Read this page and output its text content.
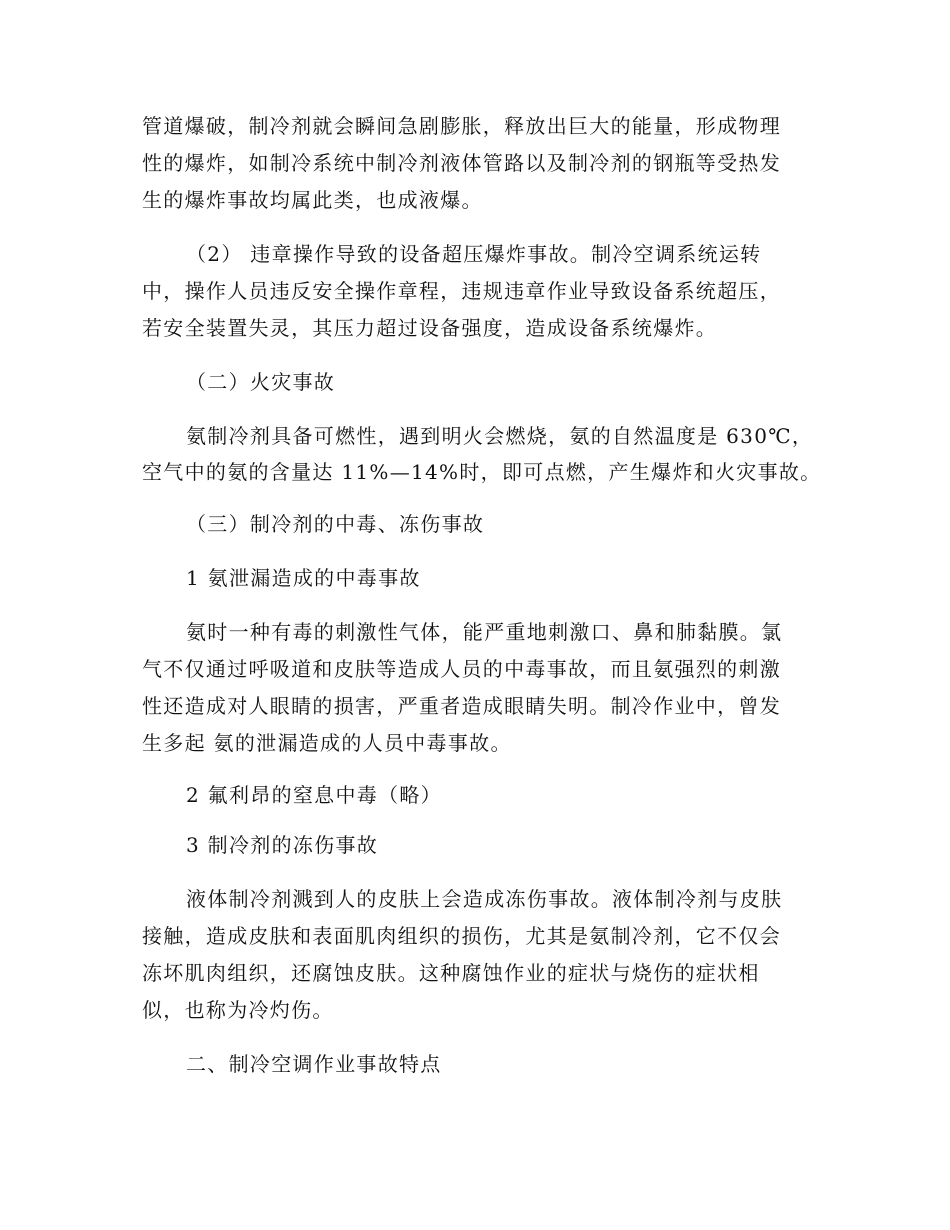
管道爆破，制冷剂就会瞬间急剧膨胀，释放出巨大的能量，形成物理
性的爆炸，如制冷系统中制冷剂液体管路以及制冷剂的钢瓶等受热发
生的爆炸事故均属此类，也成液爆。
（2） 违章操作导致的设备超压爆炸事故。制冷空调系统运转
中，操作人员违反安全操作章程，违规违章作业导致设备系统超压，
若安全装置失灵，其压力超过设备强度，造成设备系统爆炸。
（二）火灾事故
氨制冷剂具备可燃性，遇到明火会燃烧，氨的自然温度是 630℃，
空气中的氨的含量达 11%—14%时，即可点燃，产生爆炸和火灾事故。
（三）制冷剂的中毒、冻伤事故
1 氨泄漏造成的中毒事故
氨时一种有毒的刺激性气体，能严重地刺激口、鼻和肺黏膜。氯
气不仅通过呼吸道和皮肤等造成人员的中毒事故，而且氨强烈的刺激
性还造成对人眼睛的损害，严重者造成眼睛失明。制冷作业中，曾发
生多起 氨的泄漏造成的人员中毒事故。
2 氟利昂的窒息中毒（略）
3 制冷剂的冻伤事故
液体制冷剂溅到人的皮肤上会造成冻伤事故。液体制冷剂与皮肤
接触，造成皮肤和表面肌肉组织的损伤，尤其是氨制冷剂，它不仅会
冻坏肌肉组织，还腐蚀皮肤。这种腐蚀作业的症状与烧伤的症状相
似，也称为冷灼伤。
二、制冷空调作业事故特点
